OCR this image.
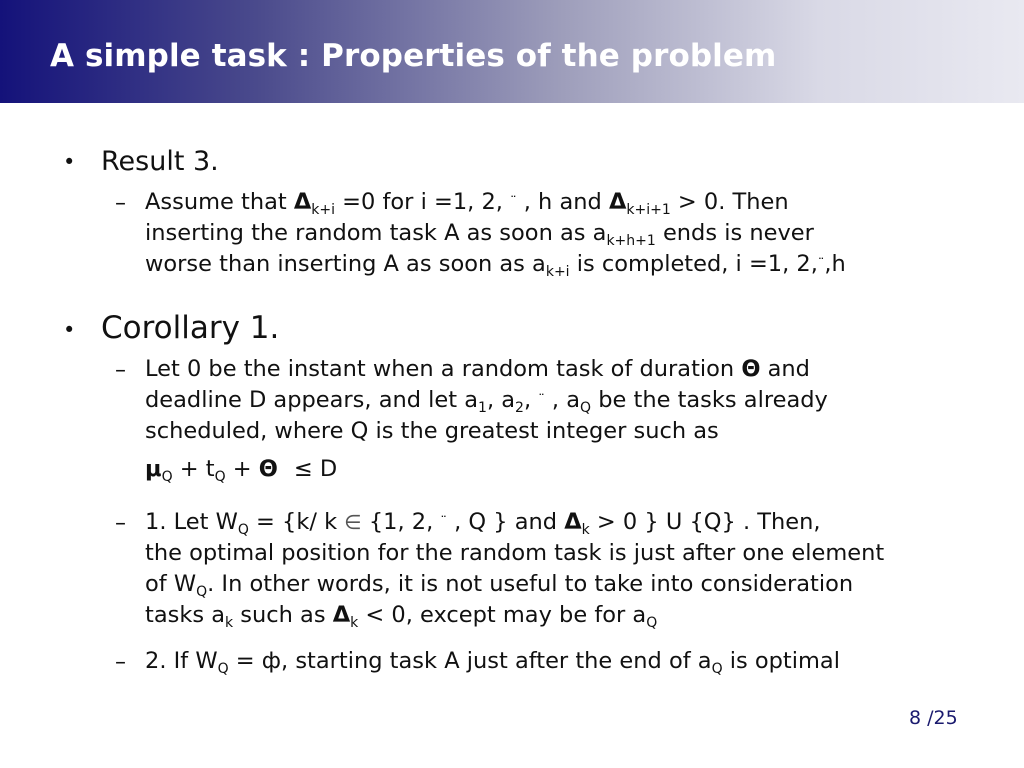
A simple task : Properties of the problem
• Result 3.
– Assume that $\Delta_{k+i} =0$ for i =1, 2, ¨ , h and $\Delta_{k+i+1} > 0$. Then
inserting the random task A as soon as $a_{k+h+1}$ ends is never
worse than inserting A as soon as $a_{k+i}$ is completed, i =1, 2,¨,h
• Corollary 1.
– Let 0 be the instant when a random task of duration Θ and
deadline D appears, and let $a_1$, $a_2$, ¨ , $a_Q$ be the tasks already
scheduled, where Q is the greatest integer such as
$\mu_Q + t_Q + \Theta \le D$
– 1. Let $W_Q = \{k/$ k ∈ {1, 2, ¨ , Q } and $\Delta_k > 0$ } U {Q} . Then,
the optimal position for the random task is just after one element
of $W_Q$. In other words, it is not useful to take into consideration
tasks $a_k$ such as $\Delta_k < 0$, except may be for $a_Q$
– 2. If $W_Q = ф$, starting task A just after the end of $a_Q$ is optimal
8 /25
